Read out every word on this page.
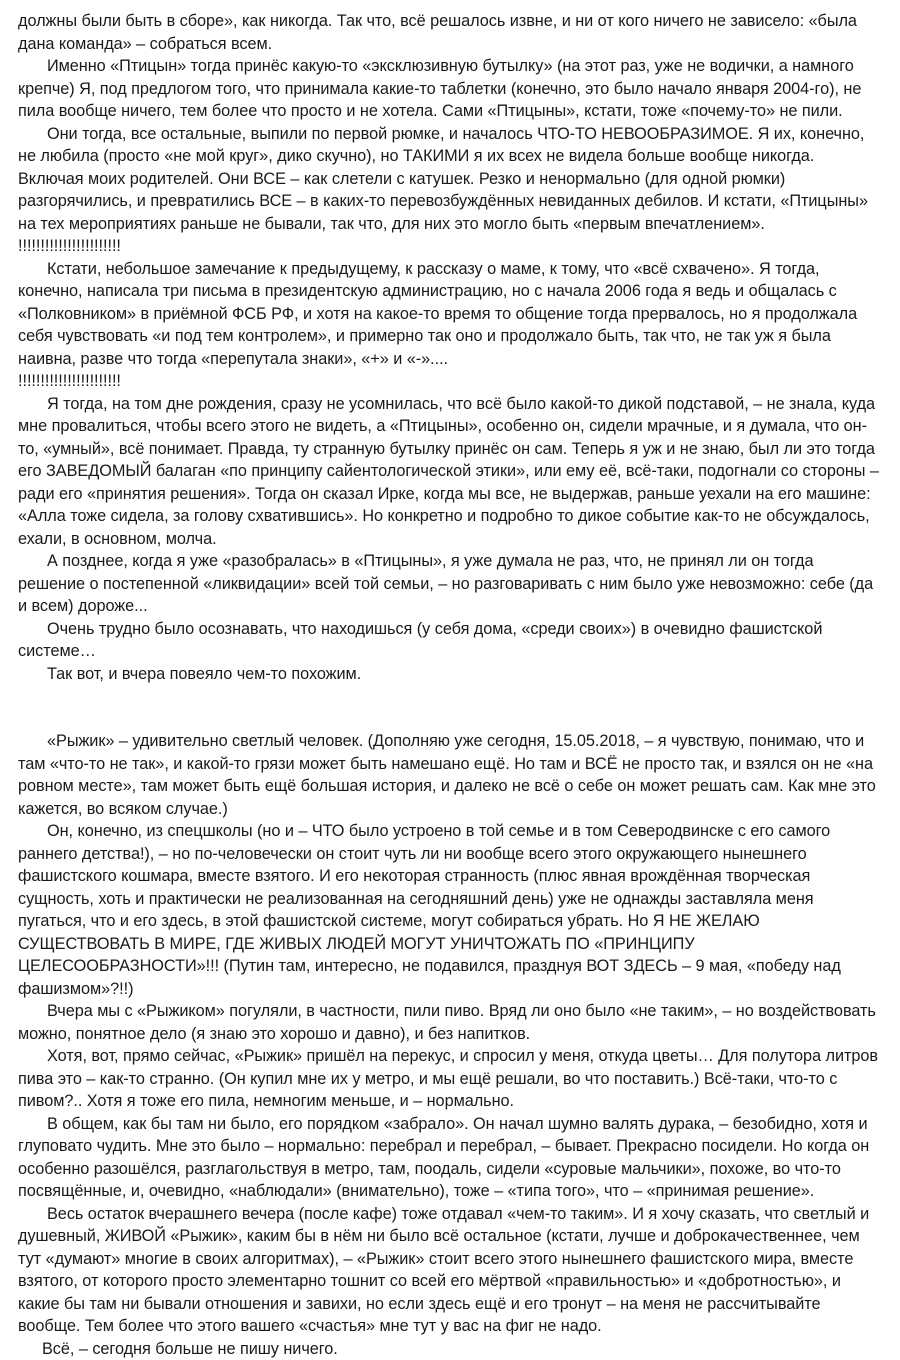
должны были быть в сборе», как никогда. Так что, всё решалось извне, и ни от кого ничего не зависело: «была дана команда» – собраться всем.

Именно «Птицын» тогда принёс какую-то «эксклюзивную бутылку» (на этот раз, уже не водички, а намного крепче) Я, под предлогом того, что принимала какие-то таблетки (конечно, это было начало января 2004-го), не пила вообще ничего, тем более что просто и не хотела. Сами «Птицыны», кстати, тоже «почему-то» не пили.

Они тогда, все остальные, выпили по первой рюмке, и началось ЧТО-ТО НЕВООБРАЗИМОЕ. Я их, конечно, не любила (просто «не мой круг», дико скучно), но ТАКИМИ я их всех не видела больше вообще никогда. Включая моих родителей. Они ВСЕ – как слетели с катушек. Резко и ненормально (для одной рюмки) разгорячились, и превратились ВСЕ – в каких-то перевозбуждённых невиданных дебилов. И кстати, «Птицыны» на тех мероприятиях раньше не бывали, так что, для них это могло быть «первым впечатлением».

!!!!!!!!!!!!!!!!!!!!!!!

Кстати, небольшое замечание к предыдущему, к рассказу о маме, к тому, что «всё схвачено». Я тогда, конечно, написала три письма в президентскую администрацию, но с начала 2006 года я ведь и общалась с «Полковником» в приёмной ФСБ РФ, и хотя на какое-то время то общение тогда прервалось, но я продолжала себя чувствовать «и под тем контролем», и примерно так оно и продолжало быть, так что, не так уж я была наивна, разве что тогда «перепутала знаки», «+» и «-»....

!!!!!!!!!!!!!!!!!!!!!!!

Я тогда, на том дне рождения, сразу не усомнилась, что всё было какой-то дикой подставой, – не знала, куда мне провалиться, чтобы всего этого не видеть, а «Птицыны», особенно он, сидели мрачные, и я думала, что он-то, «умный», всё понимает. Правда, ту странную бутылку принёс он сам. Теперь я уж и не знаю, был ли это тогда его ЗАВЕДОМЫЙ балаган «по принципу сайентологической этики», или ему её, всё-таки, подогнали со стороны – ради его «принятия решения». Тогда он сказал Ирке, когда мы все, не выдержав, раньше уехали на его машине: «Алла тоже сидела, за голову схватившись». Но конкретно и подробно то дикое событие как-то не обсуждалось, ехали, в основном, молча.

А позднее, когда я уже «разобралась» в «Птицыны», я уже думала не раз, что, не принял ли он тогда решение о постепенной «ликвидации» всей той семьи, – но разговаривать с ним было уже невозможно: себе (да и всем) дороже...

Очень трудно было осознавать, что находишься (у себя дома, «среди своих») в очевидно фашистской системе…

Так вот, и вчера повеяло чем-то похожим.

«Рыжик» – удивительно светлый человек. (Дополняю уже сегодня, 15.05.2018, – я чувствую, понимаю, что и там «что-то не так», и какой-то грязи может быть намешано ещё. Но там и ВСЁ не просто так, и взялся он не «на ровном месте», там может быть ещё большая история, и далеко не всё о себе он может решать сам. Как мне это кажется, во всяком случае.)

Он, конечно, из спецшколы (но и – ЧТО было устроено в той семье и в том Северодвинске с его самого раннего детства!), – но по-человечески он стоит чуть ли ни вообще всего этого окружающего нынешнего фашистского кошмара, вместе взятого. И его некоторая странность (плюс явная врождённая творческая сущность, хоть и практически не реализованная на сегодняшний день) уже не однажды заставляла меня пугаться, что и его здесь, в этой фашистской системе, могут собираться убрать. Но Я НЕ ЖЕЛАЮ СУЩЕСТВОВАТЬ В МИРЕ, ГДЕ ЖИВЫХ ЛЮДЕЙ МОГУТ УНИЧТОЖАТЬ ПО «ПРИНЦИПУ ЦЕЛЕСООБРАЗНОСТИ»!!! (Путин там, интересно, не подавился, празднуя ВОТ ЗДЕСЬ – 9 мая, «победу над фашизмом»?!!)

Вчера мы с «Рыжиком» погуляли, в частности, пили пиво. Вряд ли оно было «не таким», – но воздействовать можно, понятное дело (я знаю это хорошо и давно), и без напитков.

Хотя, вот, прямо сейчас, «Рыжик» пришёл на перекус, и спросил у меня, откуда цветы… Для полутора литров пива это – как-то странно. (Он купил мне их у метро, и мы ещё решали, во что поставить.) Всё-таки, что-то с пивом?.. Хотя я тоже его пила, немногим меньше, и – нормально.

В общем, как бы там ни было, его порядком «забрало». Он начал шумно валять дурака, – безобидно, хотя и глуповато чудить. Мне это было – нормально: перебрал и перебрал, – бывает. Прекрасно посидели. Но когда он особенно разошёлся, разглагольствуя в метро, там, поодаль, сидели «суровые мальчики», похоже, во что-то посвящённые, и, очевидно, «наблюдали» (внимательно), тоже – «типа того», что – «принимая решение».

Весь остаток вчерашнего вечера (после кафе) тоже отдавал «чем-то таким». И я хочу сказать, что светлый и душевный, ЖИВОЙ «Рыжик», каким бы в нём ни было всё остальное (кстати, лучше и доброкачественнее, чем тут «думают» многие в своих алгоритмах), – «Рыжик» стоит всего этого нынешнего фашистского мира, вместе взятого, от которого просто элементарно тошнит со всей его мёртвой «правильностью» и «добротностью», и какие бы там ни бывали отношения и завихи, но если здесь ещё и его тронут – на меня не рассчитывайте вообще. Тем более что этого вашего «счастья» мне тут у вас на фиг не надо.

Всё, – сегодня больше не пишу ничего.
